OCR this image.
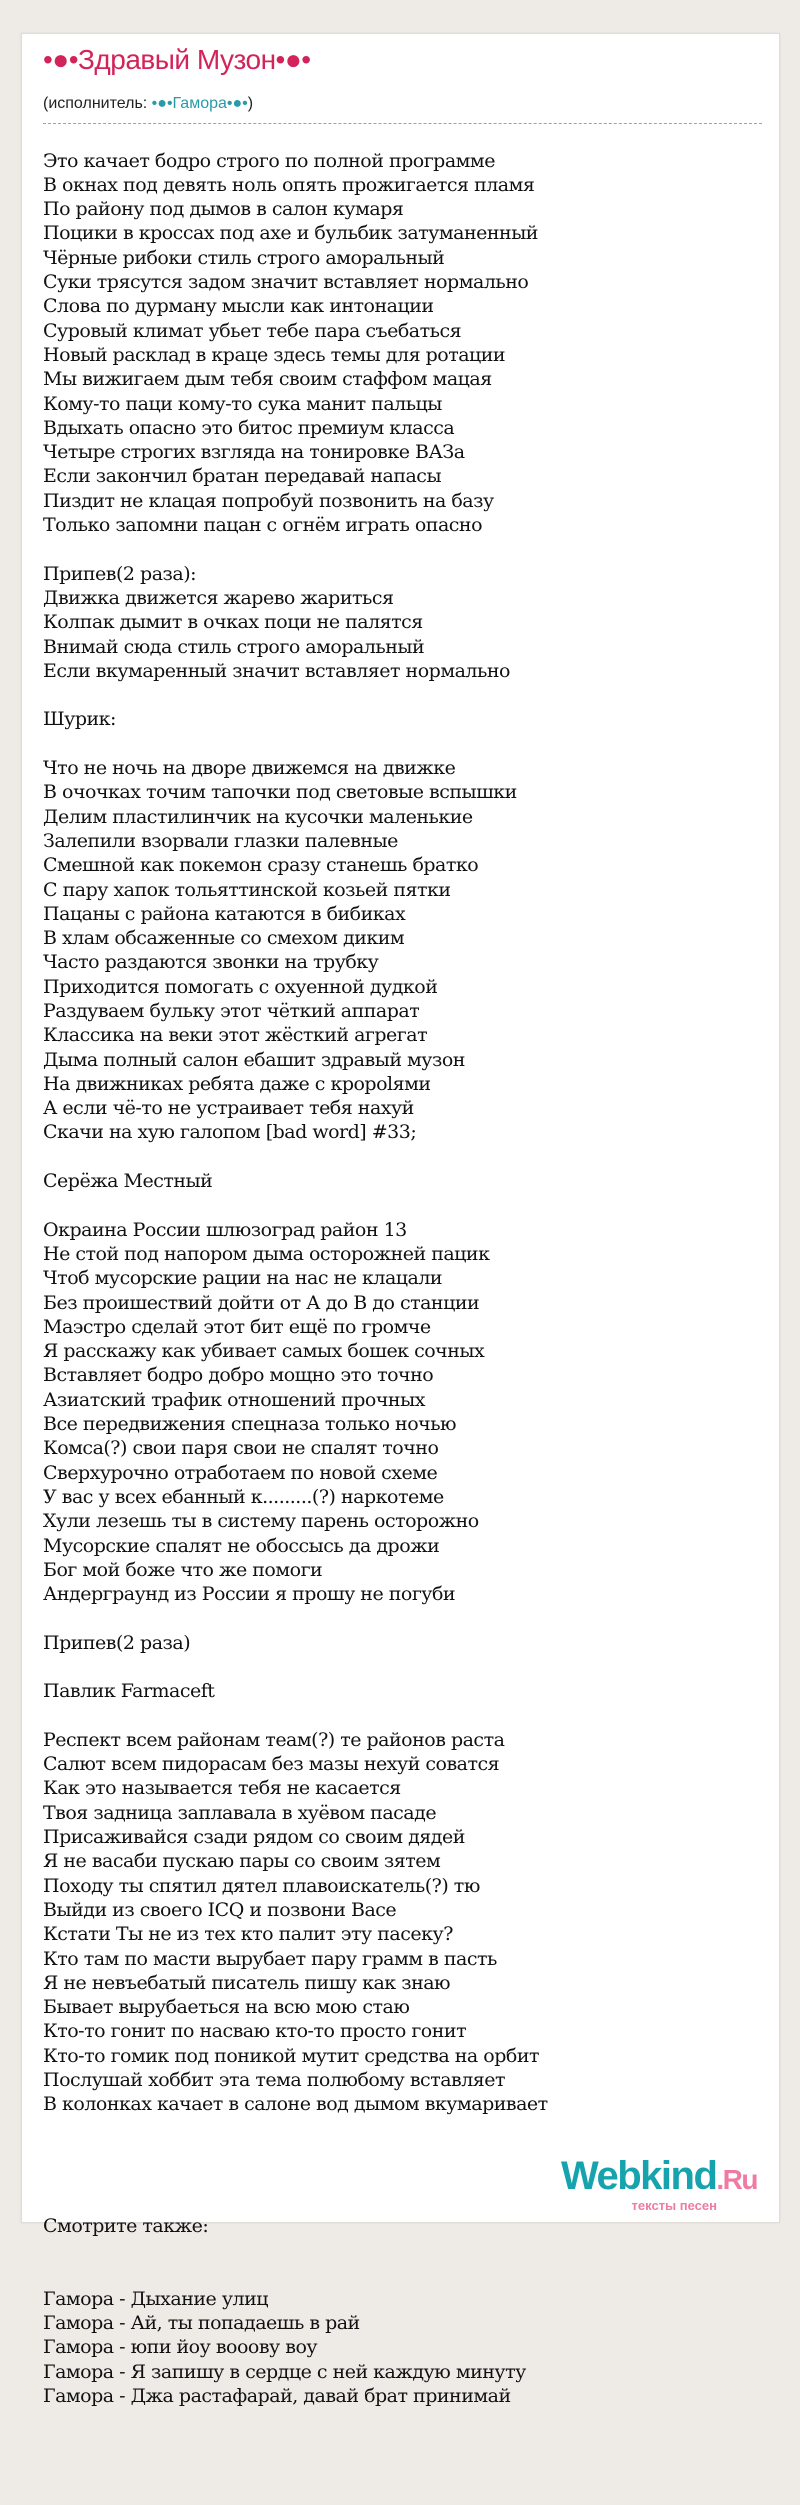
•●•Здравый Музон•●•
(исполнитель: •●•Гамора•●•)

Это качает бодро строго по полной программе
В окнах под девять ноль опять прожигается пламя
По району под дымов в салон кумаря
Поцики в кроссах под ахе и бульбик затуманенный
Чёрные рибоки стиль строго аморальный
Суки трясутся задом значит вставляет нормально
Слова по дурману мысли как интонации
Суровый климат убьет тебе пара съебаться
Новый расклад в краце здесь темы для ротации
Мы вижигаем дым тебя своим стаффом мацая
Кому-то паци кому-то сука манит пальцы
Вдыхать опасно это битос премиум класса
Четыре строгих взгляда на тонировке ВАЗа
Если закончил братан передавай напасы
Пиздит не клацая попробуй позвонить на базу
Только запомни пацан с огнём играть опасно
Припев(2 раза):
Движка движется жарево жариться
Колпак дымит в очках поци не палятся
Внимай сюда стиль строго аморальный
Если вкумаренный значит вставляет нормально
Шурик:
Что не ночь на дворе движемся на движке
В очочках точим тапочки под световые вспышки
Делим пластилинчик на кусочки маленькие
Залепили взорвали глазки палевные
Смешной как покемон сразу станешь братко
С пару хапок тольяттинской козьей пятки
Пацаны с района катаются в бибиках
В хлам обсаженные со смехом диким
Часто раздаются звонки на трубку
Приходится помогать с охуенной дудкой
Раздуваем бульку этот чёткий аппарат
Классика на веки этот жёсткий агрегат
Дыма полный салон ебашит здравый музон
На движниках ребята даже с кроpolями
А если чё-то не устраивает тебя нахуй
Скачи на хую галопом [bad word] #33;
Серёжа Местный
Окраина России шлюзоград район 13
Не стой под напором дыма осторожней пацик
Чтоб мусорские рации на нас не клацали
Без проишествий дойти от А до В до станции
Маэстро сделай этот бит ещё по громче
Я расскажу как убивает самых бошек сочных
Вставляет бодро добро мощно это точно
Азиатский трафик отношений прочных
Все передвижения спецназа только ночью
Комса(?) свои паря свои не спалят точно
Сверхурочно отработаем по новой схеме
У вас у всех ебанный к.........(?) наркотеме
Хули лезешь ты в систему парень осторожно
Мусорские спалят не обоссысь да дрожи
Бог мой боже что же помоги
Андерграунд из России я прошу не погуби
Припев(2 раза)
Павлик Farmaceft
Респект всем районам теам(?) те районов раста
Салют всем пидорасам без мазы нехуй соватся
Как это называется тебя не касается
Твоя задница заплавала в хуёвом пасаде
Присаживайся сзади рядом со своим дядей
Я не васаби пускаю пары со своим зятем
Походу ты спятил дятел плавоискатель(?) тю
Выйди из своего ICQ и позвони Васе
Кстати Ты не из тех кто палит эту пасеку?
Кто там по масти вырубает пару грамм в пасть
Я не невъебатый писатель пишу как знаю
Бывает вырубаеться на всю мою стаю
Кто-то гонит по насваю кто-то просто гонит
Кто-то гомик под поникой мутит средства на орбит
Послушай хоббит эта тема полюбому вставляет
В колонках качает в салоне вод дымом вкумаривает

Смотрите также:

Гамора - Дыхание улиц
Гамора - Ай, ты попадаешь в рай
Гамора - юпи йоу вооову воу
Гамора - Я запишу в сердце с ней каждую минуту
Гамора - Джа растафарай, давай брат принимай

Webkind.Ru
тексты песен
